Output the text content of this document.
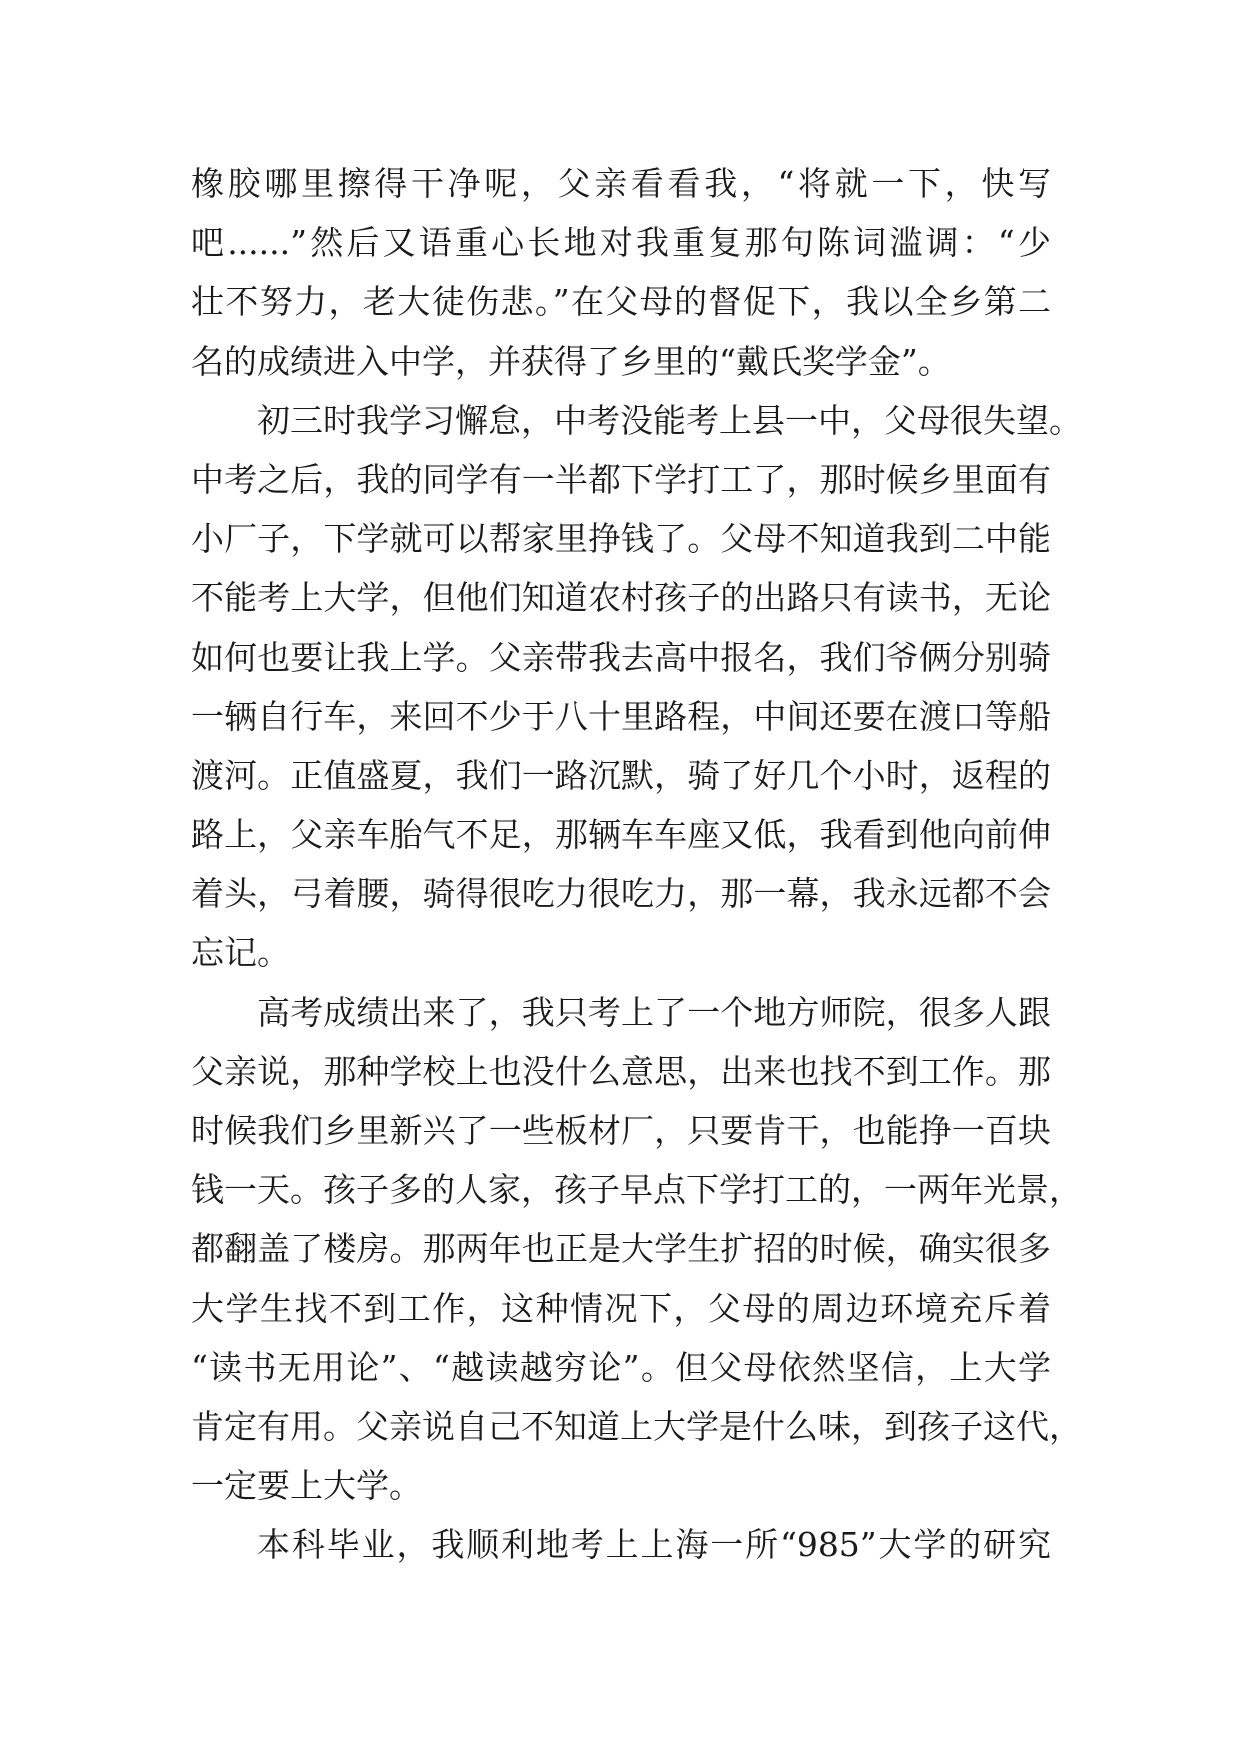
橡胶哪里擦得干净呢，父亲看看我，“将就一下，快写
吧......”然后又语重心长地对我重复那句陈词滥调：“少
壮不努力，老大徒伤悲。”在父母的督促下，我以全乡第二
名的成绩进入中学，并获得了乡里的“戴氏奖学金”。
初三时我学习懈怠，中考没能考上县一中，父母很失望。
中考之后，我的同学有一半都下学打工了，那时候乡里面有
小厂子，下学就可以帮家里挣钱了。父母不知道我到二中能
不能考上大学，但他们知道农村孩子的出路只有读书，无论
如何也要让我上学。父亲带我去高中报名，我们爷俩分别骑
一辆自行车，来回不少于八十里路程，中间还要在渡口等船
渡河。正值盛夏，我们一路沉默，骑了好几个小时，返程的
路上，父亲车胎气不足，那辆车车座又低，我看到他向前伸
着头，弓着腰，骑得很吃力很吃力，那一幕，我永远都不会
忘记。
高考成绩出来了，我只考上了一个地方师院，很多人跟
父亲说，那种学校上也没什么意思，出来也找不到工作。那
时候我们乡里新兴了一些板材厂，只要肯干，也能挣一百块
钱一天。孩子多的人家，孩子早点下学打工的，一两年光景，
都翻盖了楼房。那两年也正是大学生扩招的时候，确实很多
大学生找不到工作，这种情况下，父母的周边环境充斥着
“读书无用论”、“越读越穷论”。但父母依然坚信，上大学
肯定有用。父亲说自己不知道上大学是什么味，到孩子这代，
一定要上大学。
本科毕业，我顺利地考上上海一所“985”大学的研究
